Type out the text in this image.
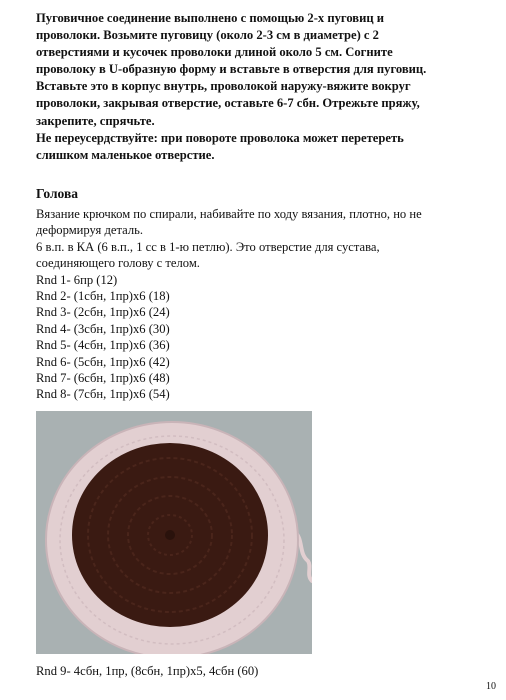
Пуговичное соединение выполнено с помощью 2-х пуговиц и
проволоки. Возьмите пуговицу (около 2-3 см в диаметре) с 2
отверстиями и кусочек проволоки длиной около 5 см. Согните
проволоку в U-образную форму и вставьте в отверстия для пуговиц.
Вставьте это в корпус внутрь, проволокой наружу-вяжите вокруг
проволоки, закрывая отверстие, оставьте 6-7 сбн. Отрежьте пряжу,
закрепите, спрячьте.
Не переусердствуйте: при повороте проволока может перетереть
слишком маленькое отверстие.
Голова
Вязание крючком по спирали, набивайте по ходу вязания, плотно, но не
деформируя деталь.
6 в.п. в КА (6 в.п., 1 сс в 1-ю петлю). Это отверстие для сустава,
соединяющего голову с телом.
Rnd 1- 6пр (12)
Rnd 2- (1сбн, 1пр)x6 (18)
Rnd 3- (2сбн, 1пр)x6 (24)
Rnd 4- (3сбн, 1пр)x6 (30)
Rnd 5- (4сбн, 1пр)x6 (36)
Rnd 6- (5сбн, 1пр)x6 (42)
Rnd 7- (6сбн, 1пр)x6 (48)
Rnd 8- (7сбн, 1пр)x6 (54)
Rnd 9- 4сбн, 1пр, (8сбн, 1пр)x5, 4сбн (60)
10
